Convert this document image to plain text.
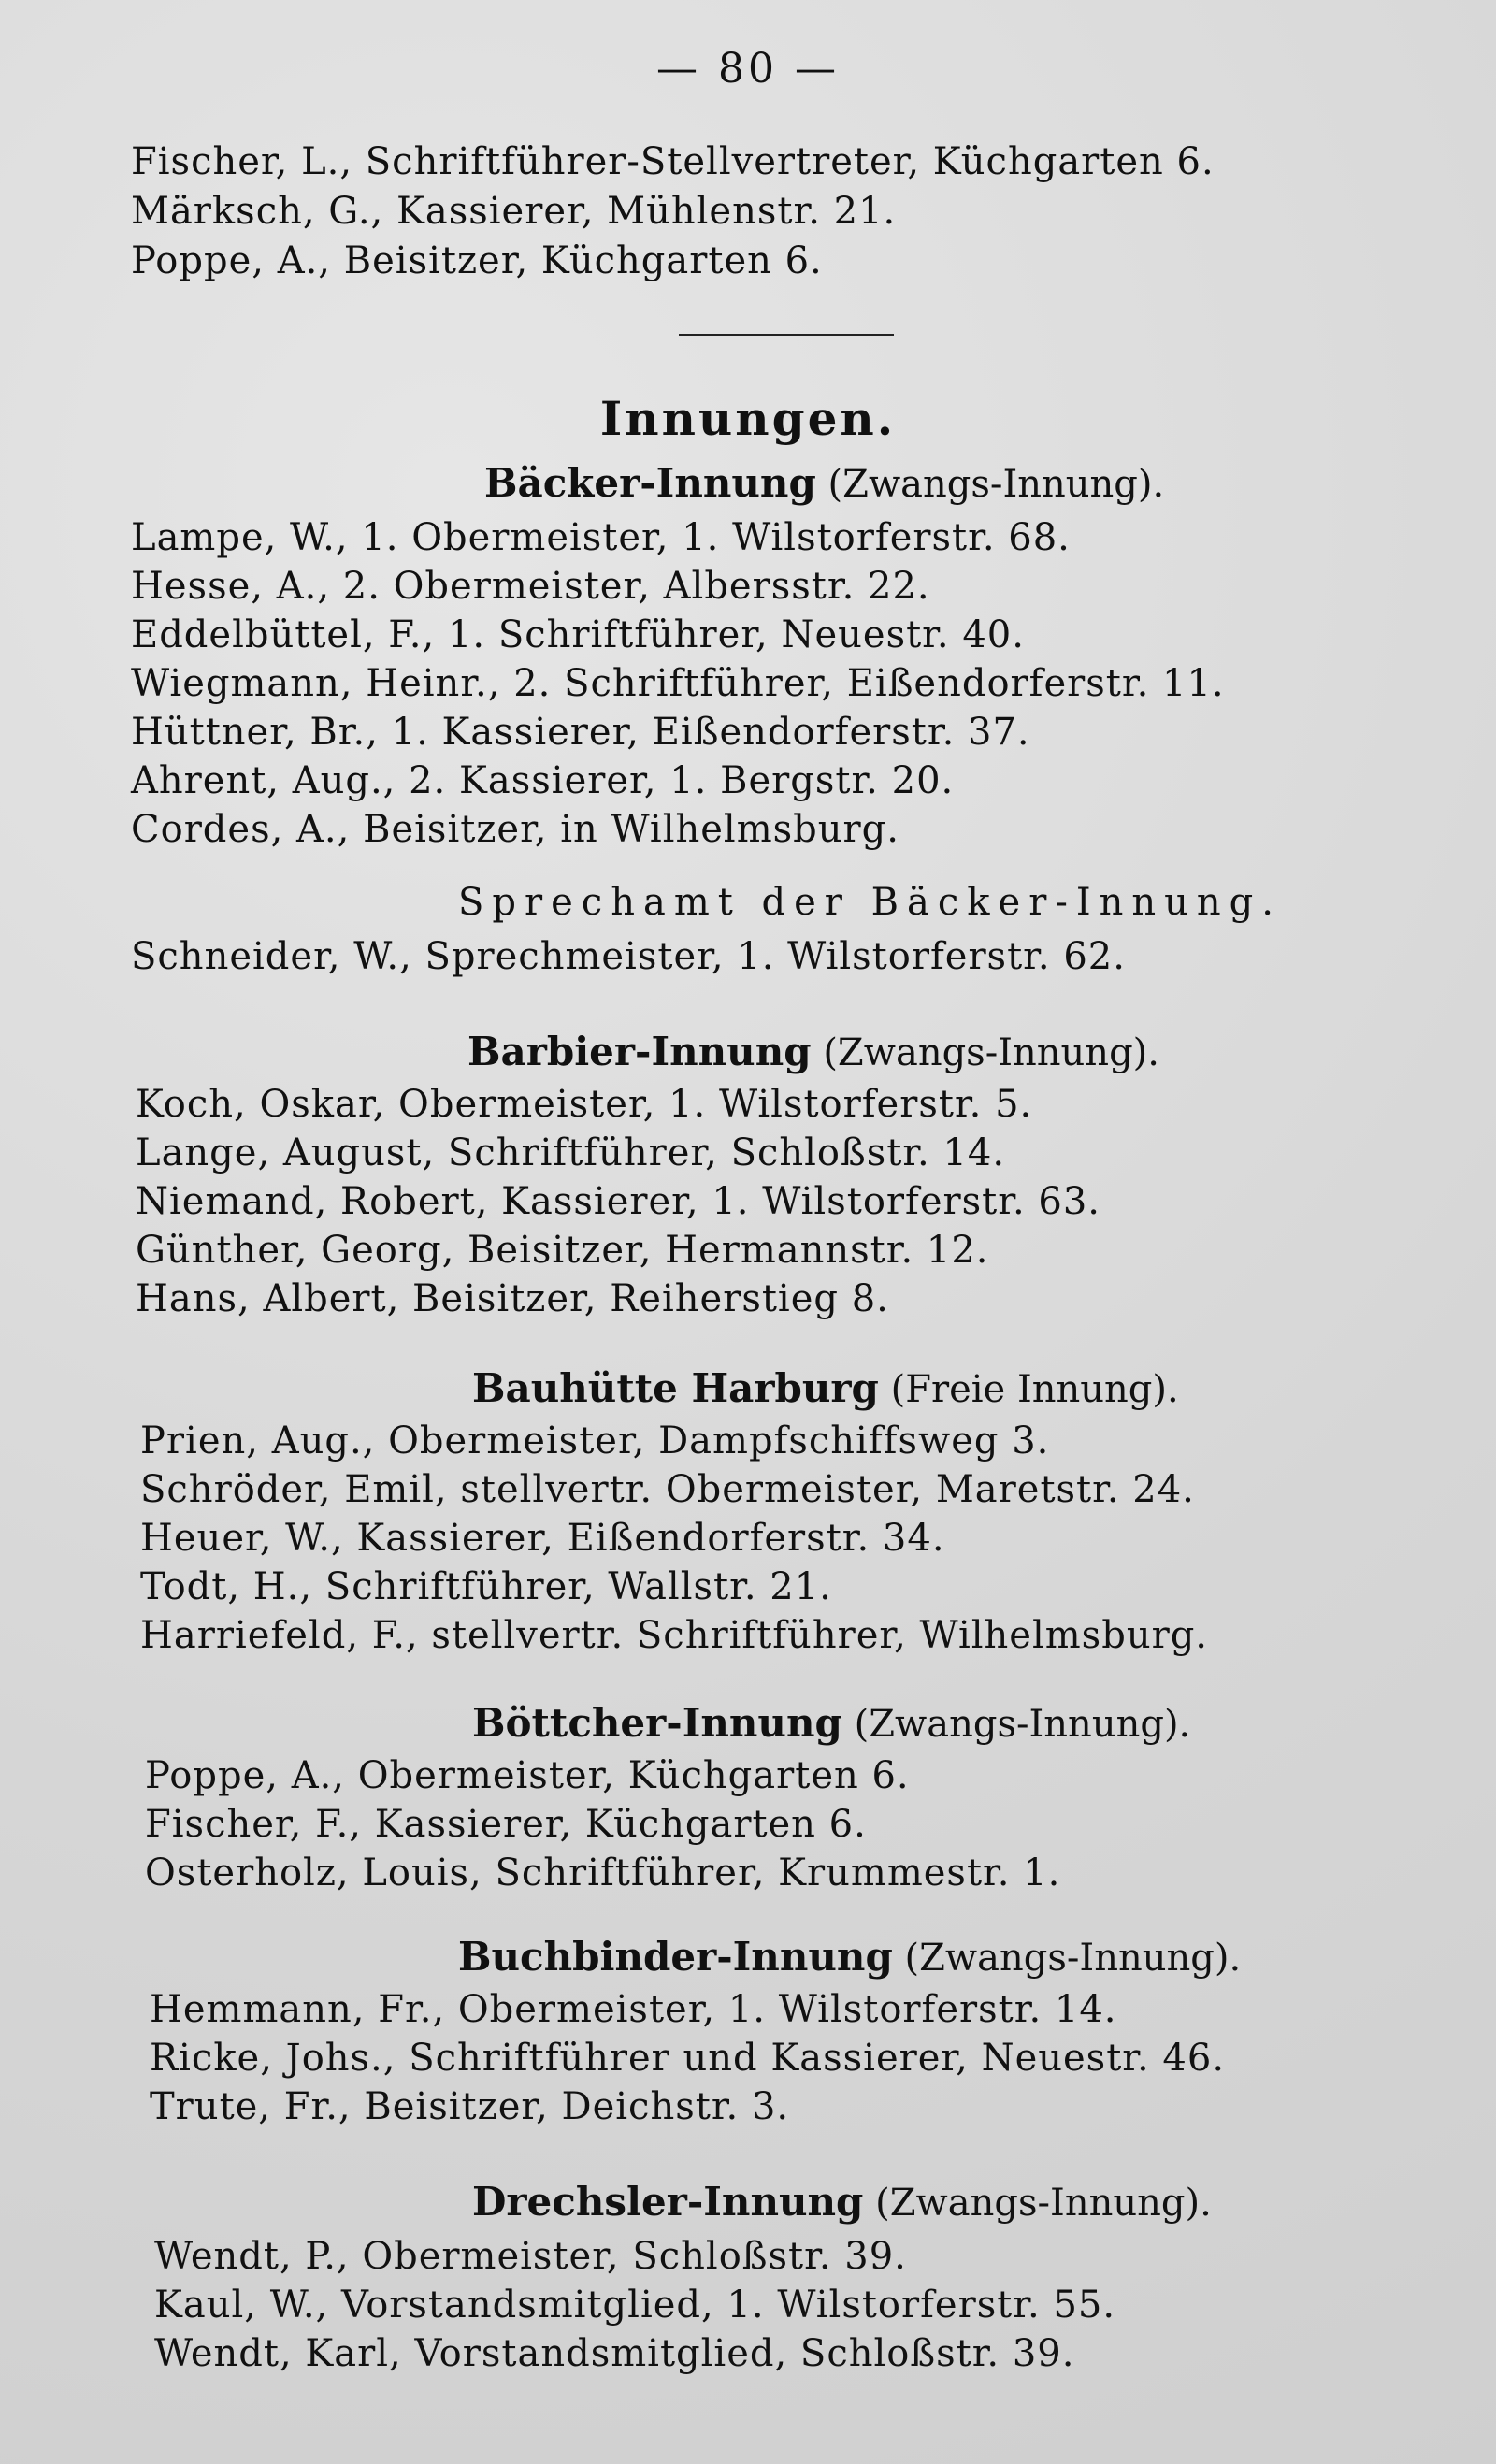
— 80 —
Fischer, L., Schriftführer-Stellvertreter, Küchgarten 6.
Märksch, G., Kassierer, Mühlenstr. 21.
Poppe, A., Beisitzer, Küchgarten 6.
Innungen.
Bäcker-Innung (Zwangs-Innung).
Lampe, W., 1. Obermeister, 1. Wilstorferstr. 68.
Hesse, A., 2. Obermeister, Albersstr. 22.
Eddelbüttel, F., 1. Schriftführer, Neuestr. 40.
Wiegmann, Heinr., 2. Schriftführer, Eißendorferstr. 11.
Hüttner, Br., 1. Kassierer, Eißendorferstr. 37.
Ahrent, Aug., 2. Kassierer, 1. Bergstr. 20.
Cordes, A., Beisitzer, in Wilhelmsburg.
Sprechamt der Bäcker-Innung.
Schneider, W., Sprechmeister, 1. Wilstorferstr. 62.
Barbier-Innung (Zwangs-Innung).
Koch, Oskar, Obermeister, 1. Wilstorferstr. 5.
Lange, August, Schriftführer, Schloßstr. 14.
Niemand, Robert, Kassierer, 1. Wilstorferstr. 63.
Günther, Georg, Beisitzer, Hermannstr. 12.
Hans, Albert, Beisitzer, Reiherstieg 8.
Bauhütte Harburg (Freie Innung).
Prien, Aug., Obermeister, Dampfschiffsweg 3.
Schröder, Emil, stellvertr. Obermeister, Maretstr. 24.
Heuer, W., Kassierer, Eißendorferstr. 34.
Todt, H., Schriftführer, Wallstr. 21.
Harriefeld, F., stellvertr. Schriftführer, Wilhelmsburg.
Böttcher-Innung (Zwangs-Innung).
Poppe, A., Obermeister, Küchgarten 6.
Fischer, F., Kassierer, Küchgarten 6.
Osterholz, Louis, Schriftführer, Krummestr. 1.
Buchbinder-Innung (Zwangs-Innung).
Hemmann, Fr., Obermeister, 1. Wilstorferstr. 14.
Ricke, Johs., Schriftführer und Kassierer, Neuestr. 46.
Trute, Fr., Beisitzer, Deichstr. 3.
Drechsler-Innung (Zwangs-Innung).
Wendt, P., Obermeister, Schloßstr. 39.
Kaul, W., Vorstandsmitglied, 1. Wilstorferstr. 55.
Wendt, Karl, Vorstandsmitglied, Schloßstr. 39.
